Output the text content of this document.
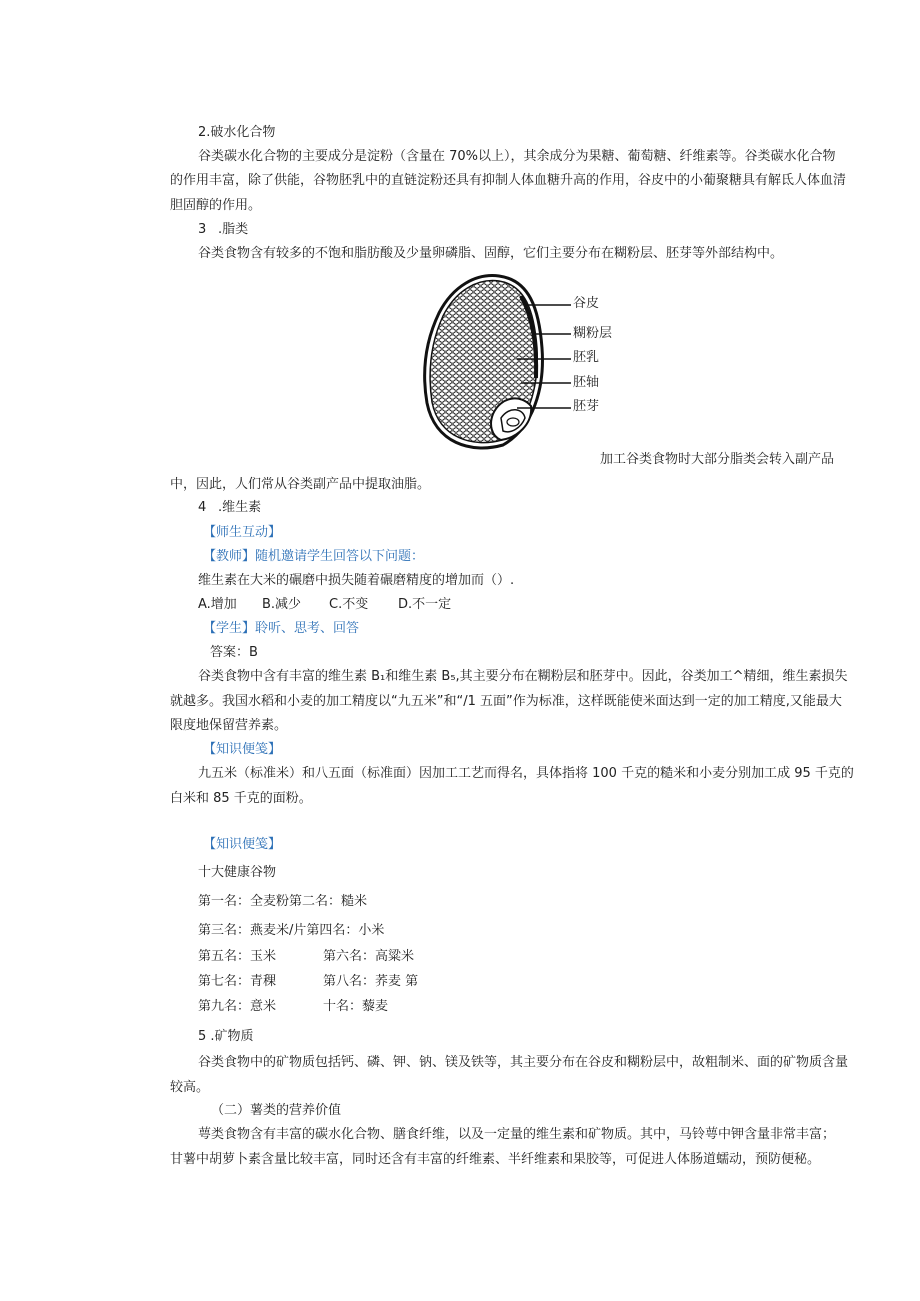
2.破水化合物
谷类碳水化合物的主要成分是淀粉（含量在 70%以上），其余成分为果糖、葡萄糖、纤维素等。谷类碳水化合物
的作用丰富，除了供能，谷物胚乳中的直链淀粉还具有抑制人体血糖升高的作用，谷皮中的小葡聚糖具有解氐人体血清
胆固醇的作用。
3 .脂类
谷类食物含有较多的不饱和脂肪酸及少量卵磷脂、固醇，它们主要分布在糊粉层、胚芽等外部结构中。
谷皮
糊粉层
胚乳
胚轴
胚芽
加工谷类食物时大部分脂类会转入副产品
中，因此，人们常从谷类副产品中提取油脂。
4 .维生素
【师生互动】
【教师】随机邀请学生回答以下问题：
维生素在大米的碾磨中损失随着碾磨精度的增加而（）.
A.增加 B.减少 C.不变 D.不一定
【学生】聆听、思考、回答
答案：B
谷类食物中含有丰富的维生素 B₁和维生素 B₅,其主要分布在糊粉层和胚芽中。因此，谷类加工^精细，维生素损失
就越多。我国水稻和小麦的加工精度以“九五米”和“/1 五面”作为标准，这样既能使米面达到一定的加工精度,又能最大
限度地保留营养素。
【知识便笺】
九五米（标准米）和八五面（标准面）因加工工艺而得名，具体指将 100 千克的糙米和小麦分别加工成 95 千克的
白米和 85 千克的面粉。
【知识便笺】
十大健康谷物
第一名：全麦粉第二名：糙米
第三名：燕麦米/片第四名：小米
第五名：玉米	第六名：高粱米
第七名：青稞	第八名：荞麦 第
第九名：意米	十名：藜麦
5 .矿物质
谷类食物中的矿物质包括钙、磷、钾、钠、镁及铁等，其主要分布在谷皮和糊粉层中，故粗制米、面的矿物质含量
较高。
（二）薯类的营养价值
萼类食物含有丰富的碳水化合物、膳食纤维，以及一定量的维生素和矿物质。其中，马铃萼中钾含量非常丰富；
甘薯中胡萝卜素含量比较丰富，同时还含有丰富的纤维素、半纤维素和果胶等，可促进人体肠道蠕动，预防便秘。
